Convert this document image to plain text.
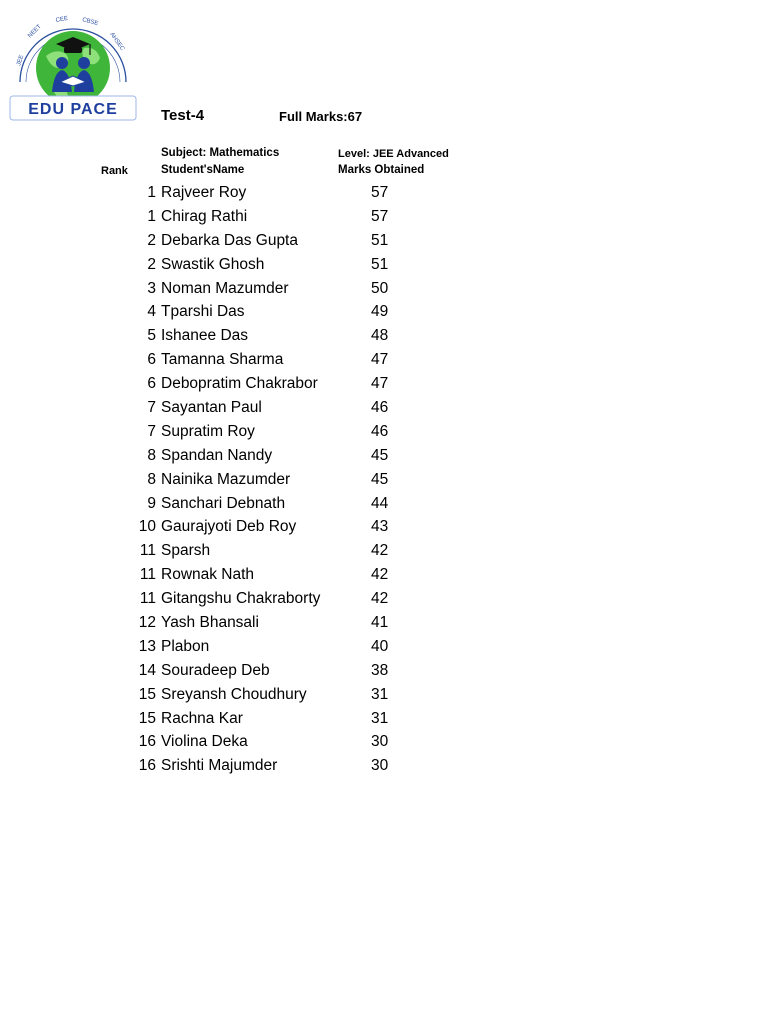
JEE
NEET
CEE CBSE
AHSEC
EDU PACE	Test-4	Full Marks:67
Subject: Mathematics	Level: JEE Advanced
Rank	Student'sName	Marks Obtained
1 Rajveer Roy	57
1 Chirag Rathi	57
2 Debarka Das Gupta	51
2 Swastik Ghosh	51
3 Noman Mazumder	50
4 Tparshi Das	49
5 Ishanee Das	48
6 Tamanna Sharma	47
6 Debopratim Chakrabor	47
7 Sayantan Paul	46
7 Supratim Roy	46
8 Spandan Nandy	45
8 Nainika Mazumder	45
9 Sanchari Debnath	44
10 Gaurajyoti Deb Roy	43
11 Sparsh	42
11 Rownak Nath	42
11 Gitangshu Chakraborty	42
12 Yash Bhansali	41
13 Plabon	40
14 Souradeep Deb	38
15 Sreyansh Choudhury	31
15 Rachna Kar	31
16 Violina Deka	30
16 Srishti Majumder	30
